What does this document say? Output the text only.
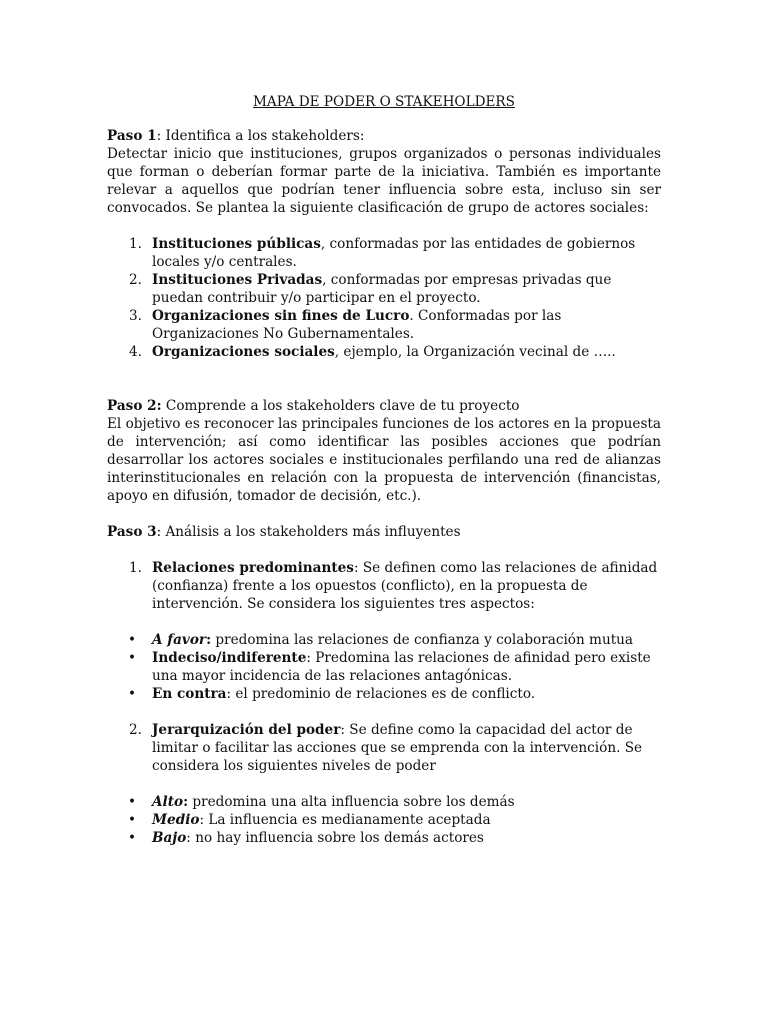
MAPA DE PODER O STAKEHOLDERS

Paso 1: Identifica a los stakeholders:

Detectar inicio que instituciones, grupos organizados o personas individuales que forman o deberían formar parte de la iniciativa. También es importante relevar a aquellos que podrían tener influencia sobre esta, incluso sin ser convocados. Se plantea la siguiente clasificación de grupo de actores sociales:

1. Instituciones públicas, conformadas por las entidades de gobiernos locales y/o centrales.
2. Instituciones Privadas, conformadas por empresas privadas que puedan contribuir y/o participar en el proyecto.
3. Organizaciones sin fines de Lucro. Conformadas por las Organizaciones No Gubernamentales.
4. Organizaciones sociales, ejemplo, la Organización vecinal de …..

Paso 2: Comprende a los stakeholders clave de tu proyecto

El objetivo es reconocer las principales funciones de los actores en la propuesta de intervención; así como identificar las posibles acciones que podrían desarrollar los actores sociales e institucionales perfilando una red de alianzas interinstitucionales en relación con la propuesta de intervención (financistas, apoyo en difusión, tomador de decisión, etc.).

Paso 3: Análisis a los stakeholders más influyentes

1. Relaciones predominantes: Se definen como las relaciones de afinidad (confianza) frente a los opuestos (conflicto), en la propuesta de intervención. Se considera los siguientes tres aspectos:
• A favor: predomina las relaciones de confianza y colaboración mutua
• Indeciso/indiferente: Predomina las relaciones de afinidad pero existe una mayor incidencia de las relaciones antagónicas.
• En contra: el predominio de relaciones es de conflicto.
2. Jerarquización del poder: Se define como la capacidad del actor de limitar o facilitar las acciones que se emprenda con la intervención. Se considera los siguientes niveles de poder
• Alto: predomina una alta influencia sobre los demás
• Medio: La influencia es medianamente aceptada
• Bajo: no hay influencia sobre los demás actores
